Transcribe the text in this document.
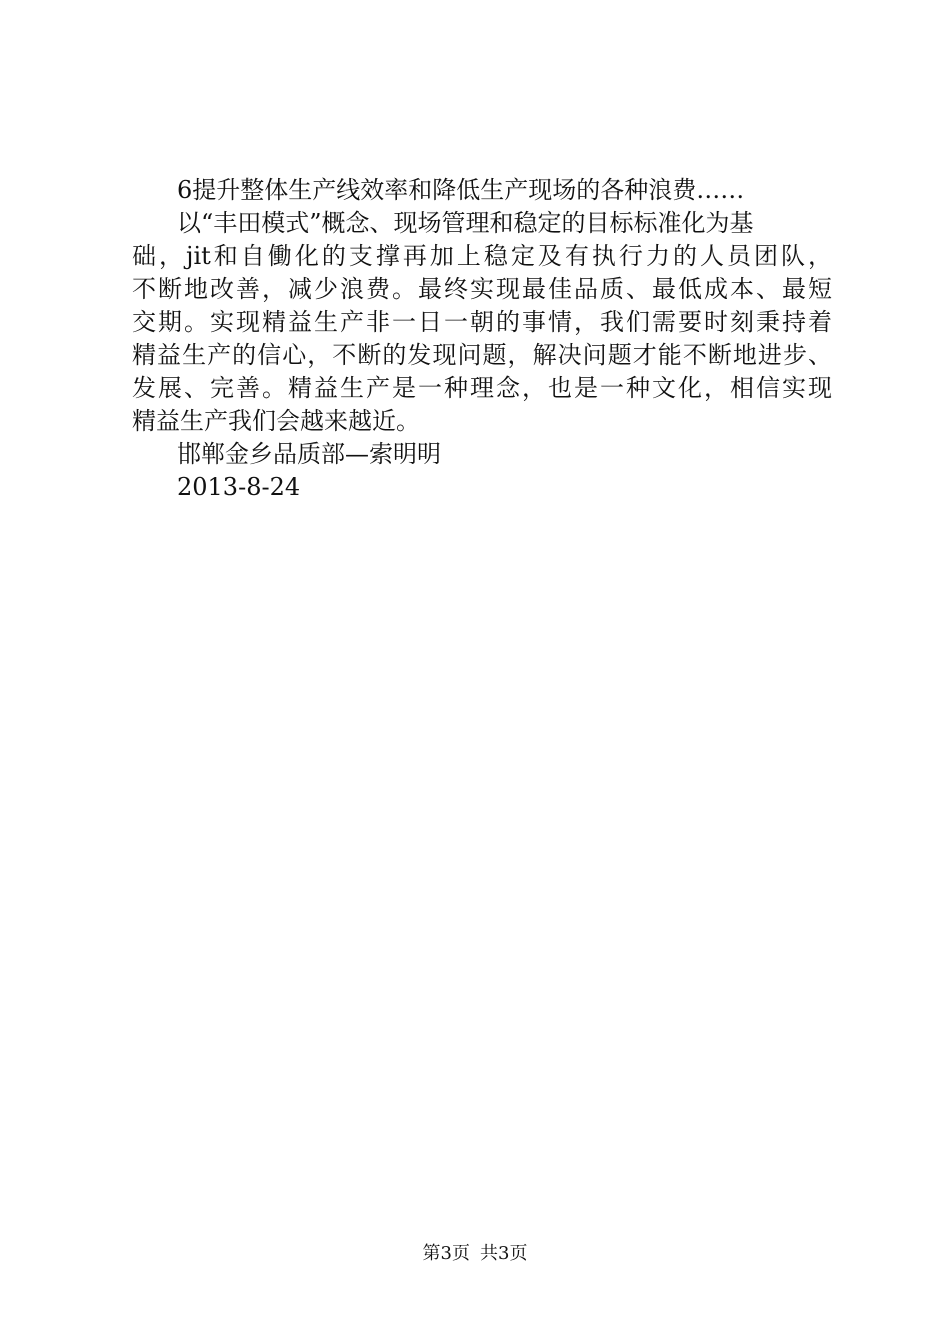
6提升整体生产线效率和降低生产现场的各种浪费……
以“丰田模式”概念、现场管理和稳定的目标标准化为基
础，jit和自働化的支撑再加上稳定及有执行力的人员团队，
不断地改善，减少浪费。最终实现最佳品质、最低成本、最短
交期。实现精益生产非一日一朝的事情，我们需要时刻秉持着
精益生产的信心，不断的发现问题，解决问题才能不断地进步、
发展、完善。精益生产是一种理念，也是一种文化，相信实现
精益生产我们会越来越近。
邯郸金乡品质部—索明明
2013-8-24
第3页 共3页
